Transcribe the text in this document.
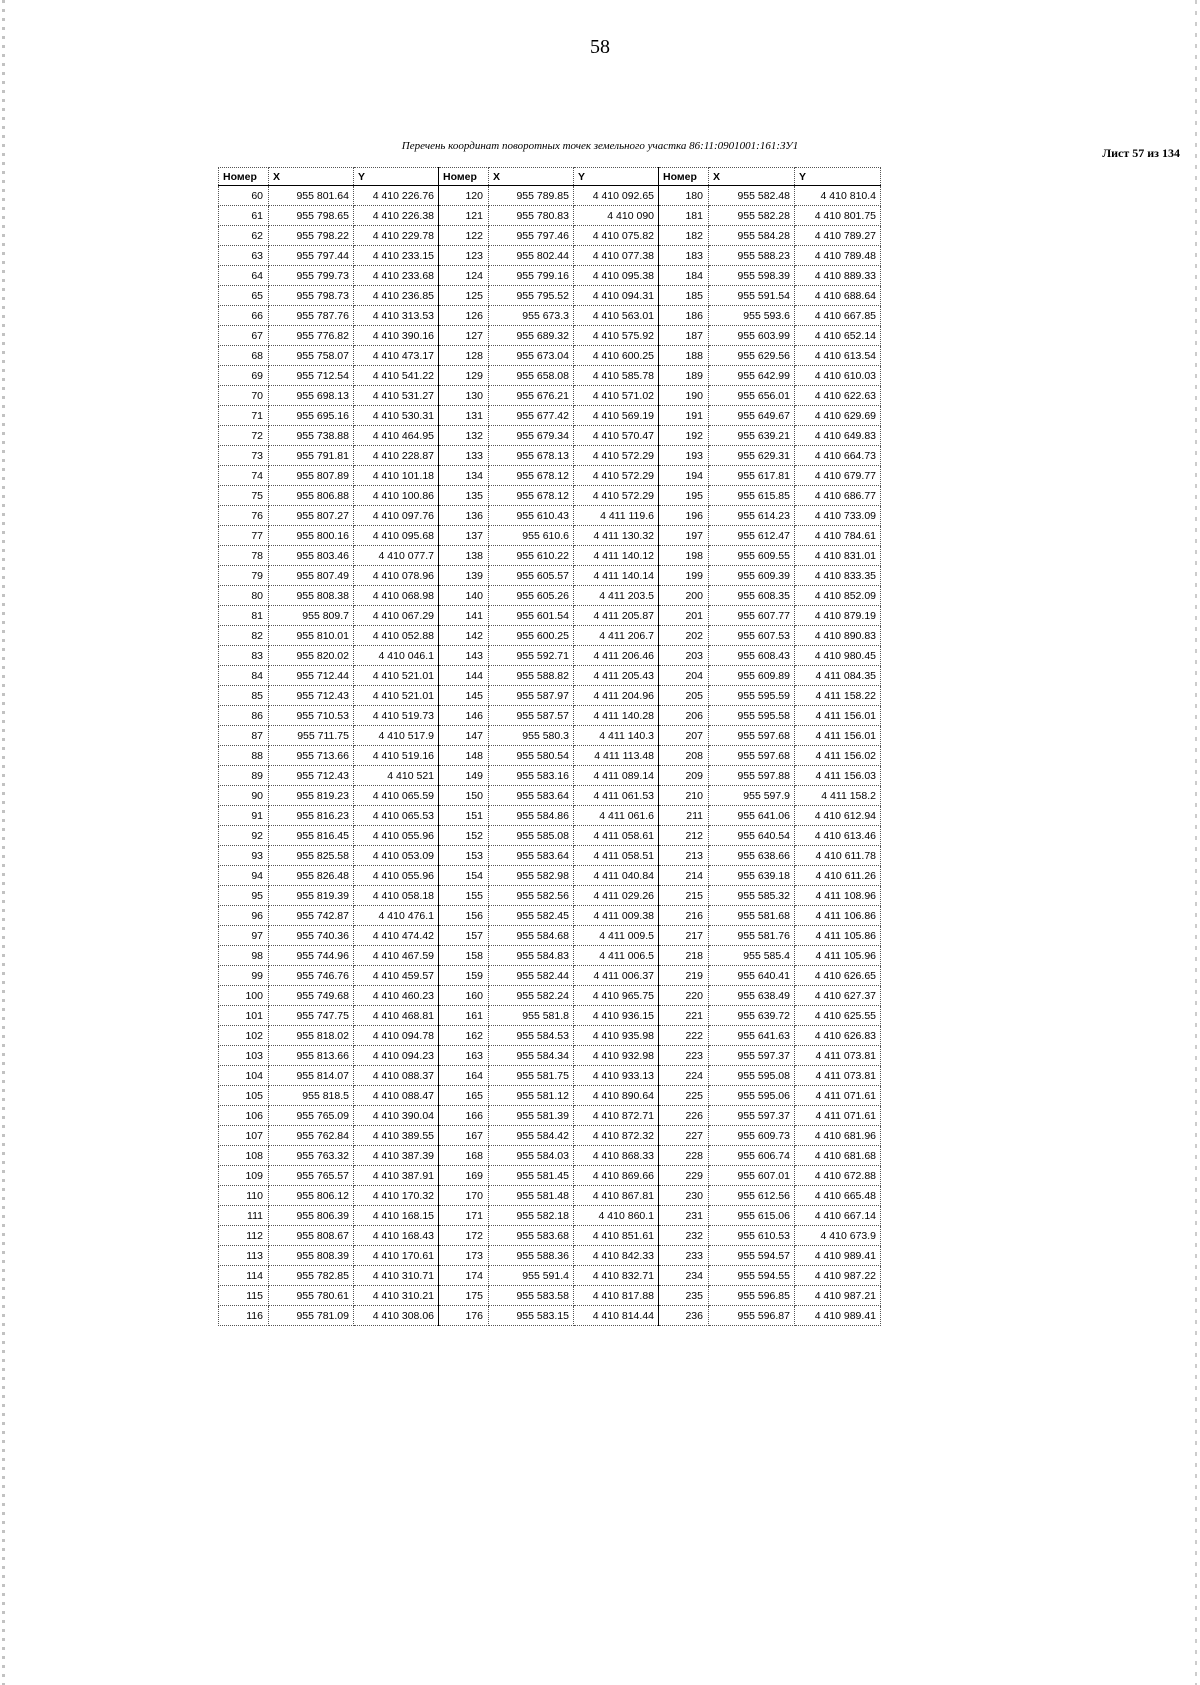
58
Перечень координат поворотных точек земельного участка 86:11:0901001:161:ЗУ1	Лист 57 из 134
Номер	X	Y	Номер	X	Y	Номер	X	Y
60	955 801.64	4 410 226.76	120	955 789.85	4 410 092.65	180	955 582.48	4 410 810.4
61	955 798.65	4 410 226.38	121	955 780.83	4 410 090	181	955 582.28	4 410 801.75
62	955 798.22	4 410 229.78	122	955 797.46	4 410 075.82	182	955 584.28	4 410 789.27
63	955 797.44	4 410 233.15	123	955 802.44	4 410 077.38	183	955 588.23	4 410 789.48
64	955 799.73	4 410 233.68	124	955 799.16	4 410 095.38	184	955 598.39	4 410 889.33
65	955 798.73	4 410 236.85	125	955 795.52	4 410 094.31	185	955 591.54	4 410 688.64
66	955 787.76	4 410 313.53	126	955 673.3	4 410 563.01	186	955 593.6	4 410 667.85
67	955 776.82	4 410 390.16	127	955 689.32	4 410 575.92	187	955 603.99	4 410 652.14
68	955 758.07	4 410 473.17	128	955 673.04	4 410 600.25	188	955 629.56	4 410 613.54
69	955 712.54	4 410 541.22	129	955 658.08	4 410 585.78	189	955 642.99	4 410 610.03
70	955 698.13	4 410 531.27	130	955 676.21	4 410 571.02	190	955 656.01	4 410 622.63
71	955 695.16	4 410 530.31	131	955 677.42	4 410 569.19	191	955 649.67	4 410 629.69
72	955 738.88	4 410 464.95	132	955 679.34	4 410 570.47	192	955 639.21	4 410 649.83
73	955 791.81	4 410 228.87	133	955 678.13	4 410 572.29	193	955 629.31	4 410 664.73
74	955 807.89	4 410 101.18	134	955 678.12	4 410 572.29	194	955 617.81	4 410 679.77
75	955 806.88	4 410 100.86	135	955 678.12	4 410 572.29	195	955 615.85	4 410 686.77
76	955 807.27	4 410 097.76	136	955 610.43	4 411 119.6	196	955 614.23	4 410 733.09
77	955 800.16	4 410 095.68	137	955 610.6	4 411 130.32	197	955 612.47	4 410 784.61
78	955 803.46	4 410 077.7	138	955 610.22	4 411 140.12	198	955 609.55	4 410 831.01
79	955 807.49	4 410 078.96	139	955 605.57	4 411 140.14	199	955 609.39	4 410 833.35
80	955 808.38	4 410 068.98	140	955 605.26	4 411 203.5	200	955 608.35	4 410 852.09
81	955 809.7	4 410 067.29	141	955 601.54	4 411 205.87	201	955 607.77	4 410 879.19
82	955 810.01	4 410 052.88	142	955 600.25	4 411 206.7	202	955 607.53	4 410 890.83
83	955 820.02	4 410 046.1	143	955 592.71	4 411 206.46	203	955 608.43	4 410 980.45
84	955 712.44	4 410 521.01	144	955 588.82	4 411 205.43	204	955 609.89	4 411 084.35
85	955 712.43	4 410 521.01	145	955 587.97	4 411 204.96	205	955 595.59	4 411 158.22
86	955 710.53	4 410 519.73	146	955 587.57	4 411 140.28	206	955 595.58	4 411 156.01
87	955 711.75	4 410 517.9	147	955 580.3	4 411 140.3	207	955 597.68	4 411 156.01
88	955 713.66	4 410 519.16	148	955 580.54	4 411 113.48	208	955 597.68	4 411 156.02
89	955 712.43	4 410 521	149	955 583.16	4 411 089.14	209	955 597.88	4 411 156.03
90	955 819.23	4 410 065.59	150	955 583.64	4 411 061.53	210	955 597.9	4 411 158.2
91	955 816.23	4 410 065.53	151	955 584.86	4 411 061.6	211	955 641.06	4 410 612.94
92	955 816.45	4 410 055.96	152	955 585.08	4 411 058.61	212	955 640.54	4 410 613.46
93	955 825.58	4 410 053.09	153	955 583.64	4 411 058.51	213	955 638.66	4 410 611.78
94	955 826.48	4 410 055.96	154	955 582.98	4 411 040.84	214	955 639.18	4 410 611.26
95	955 819.39	4 410 058.18	155	955 582.56	4 411 029.26	215	955 585.32	4 411 108.96
96	955 742.87	4 410 476.1	156	955 582.45	4 411 009.38	216	955 581.68	4 411 106.86
97	955 740.36	4 410 474.42	157	955 584.68	4 411 009.5	217	955 581.76	4 411 105.86
98	955 744.96	4 410 467.59	158	955 584.83	4 411 006.5	218	955 585.4	4 411 105.96
99	955 746.76	4 410 459.57	159	955 582.44	4 411 006.37	219	955 640.41	4 410 626.65
100	955 749.68	4 410 460.23	160	955 582.24	4 410 965.75	220	955 638.49	4 410 627.37
101	955 747.75	4 410 468.81	161	955 581.8	4 410 936.15	221	955 639.72	4 410 625.55
102	955 818.02	4 410 094.78	162	955 584.53	4 410 935.98	222	955 641.63	4 410 626.83
103	955 813.66	4 410 094.23	163	955 584.34	4 410 932.98	223	955 597.37	4 411 073.81
104	955 814.07	4 410 088.37	164	955 581.75	4 410 933.13	224	955 595.08	4 411 073.81
105	955 818.5	4 410 088.47	165	955 581.12	4 410 890.64	225	955 595.06	4 411 071.61
106	955 765.09	4 410 390.04	166	955 581.39	4 410 872.71	226	955 597.37	4 411 071.61
107	955 762.84	4 410 389.55	167	955 584.42	4 410 872.32	227	955 609.73	4 410 681.96
108	955 763.32	4 410 387.39	168	955 584.03	4 410 868.33	228	955 606.74	4 410 681.68
109	955 765.57	4 410 387.91	169	955 581.45	4 410 869.66	229	955 607.01	4 410 672.88
110	955 806.12	4 410 170.32	170	955 581.48	4 410 867.81	230	955 612.56	4 410 665.48
111	955 806.39	4 410 168.15	171	955 582.18	4 410 860.1	231	955 615.06	4 410 667.14
112	955 808.67	4 410 168.43	172	955 583.68	4 410 851.61	232	955 610.53	4 410 673.9
113	955 808.39	4 410 170.61	173	955 588.36	4 410 842.33	233	955 594.57	4 410 989.41
114	955 782.85	4 410 310.71	174	955 591.4	4 410 832.71	234	955 594.55	4 410 987.22
115	955 780.61	4 410 310.21	175	955 583.58	4 410 817.88	235	955 596.85	4 410 987.21
116	955 781.09	4 410 308.06	176	955 583.15	4 410 814.44	236	955 596.87	4 410 989.41
